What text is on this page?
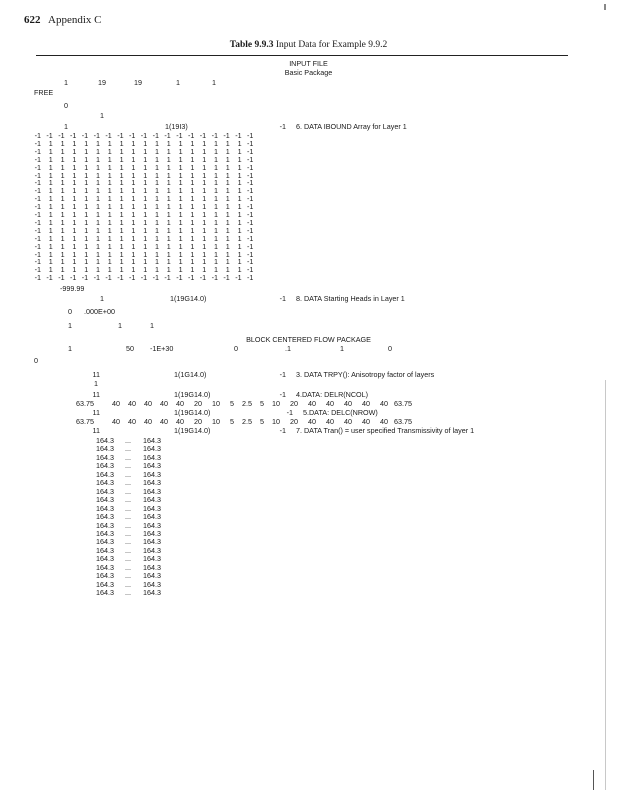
622 Appendix C
Table 9.9.3 Input Data for Example 9.9.2
INPUT FILE
Basic Package
1	19	19	1	1
FREE
0
1
1	1(19I3)	-1 6. DATA IBOUND Array for Layer 1
-1 -1 -1 -1 -1 -1 -1 -1 -1 -1 -1 -1 -1 -1 -1 -1 -1 -1 -1
-1	1	1	1	1	1	1	1	1	1	1	1	1	1	1	1	1	1 -1
-1	1	1	1	1	1	1	1	1	1	1	1	1	1	1	1	1	1 -1
-1	1	1	1	1	1	1	1	1	1	1	1	1	1	1	1	1	1 -1
-1	1	1	1	1	1	1	1	1	1	1	1	1	1	1	1	1	1 -1
-1	1	1	1	1	1	1	1	1	1	1	1	1	1	1	1	1	1 -1
-1	1	1	1	1	1	1	1	1	1	1	1	1	1	1	1	1	1 -1
-1	1	1	1	1	1	1	1	1	1	1	1	1	1	1	1	1	1 -1
-1	1	1	1	1	1	1	1	1	1	1	1	1	1	1	1	1	1 -1
-1	1	1	1	1	1	1	1	1	1	1	1	1	1	1	1	1	1 -1
-1	1	1	1	1	1	1	1	1	1	1	1	1	1	1	1	1	1 -1
-1	1	1	1	1	1	1	1	1	1	1	1	1	1	1	1	1	1 -1
-1	1	1	1	1	1	1	1	1	1	1	1	1	1	1	1	1	1 -1
-1	1	1	1	1	1	1	1	1	1	1	1	1	1	1	1	1	1 -1
-1	1	1	1	1	1	1	1	1	1	1	1	1	1	1	1	1	1 -1
-1	1	1	1	1	1	1	1	1	1	1	1	1	1	1	1	1	1 -1
-1	1	1	1	1	1	1	1	1	1	1	1	1	1	1	1	1	1 -1
-1	1	1	1	1	1	1	1	1	1	1	1	1	1	1	1	1	1 -1
-1 -1 -1 -1 -1 -1 -1 -1 -1 -1 -1 -1 -1 -1 -1 -1 -1 -1 -1
-999.99
1	1(19G14.0)	-1 8. DATA Starting Heads in Layer 1
0 .000E+00
1	1	1
BLOCK CENTERED FLOW PACKAGE
1	50 -1E+30	0	.1	1	0
0
11	1(1G14.0)	-1 3. DATA TRPY(): Anisotropy factor of layers
1
11	1(19G14.0)	-1 4.DATA: DELR(NCOL)
63.75	40 40 40 40 40 20 10	5 2.5	5 10 20 40 40 40 40 40 63.75
11	1(19G14.0)	-1 5.DATA: DELC(NROW)
63.75	40 40 40 40 40 20 10	5 2.5	5 10 20 40 40 40 40 40 63.75
11	1(19G14.0)	-1 7. DATA Tran() = user specified Transmissivity of layer 1
164.3	...	164.3
164.3	...	164.3
164.3	...	164.3
164.3	...	164.3
164.3	...	164.3
164.3	...	164.3
164.3	...	164.3
164.3	...	164.3
164.3	...	164.3
164.3	...	164.3
164.3	...	164.3
164.3	...	164.3
164.3	...	164.3
164.3	...	164.3
164.3	...	164.3
164.3	...	164.3
164.3	...	164.3
164.3	...	164.3
164.3	...	164.3
